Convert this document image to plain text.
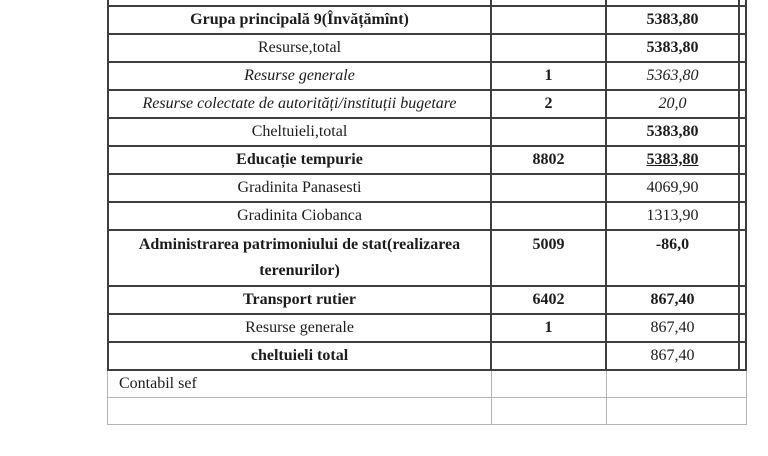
Grupa principală 9(Învățămînt)		5383,80	
Resurse,total		5383,80	
Resurse generale	1	5363,80	
Resurse colectate de autorități/instituții bugetare	2	20,0	
Cheltuieli,total		5383,80	
Educație tempurie	8802	5383,80	
Gradinita Panasesti		4069,90	
Gradinita Ciobanca		1313,90	
Administrarea patrimoniului de stat(realizarea terenurilor)	5009	-86,0	
Transport rutier	6402	867,40	
Resurse generale	1	867,40	
cheltuieli total		867,40	
Contabil sef			
